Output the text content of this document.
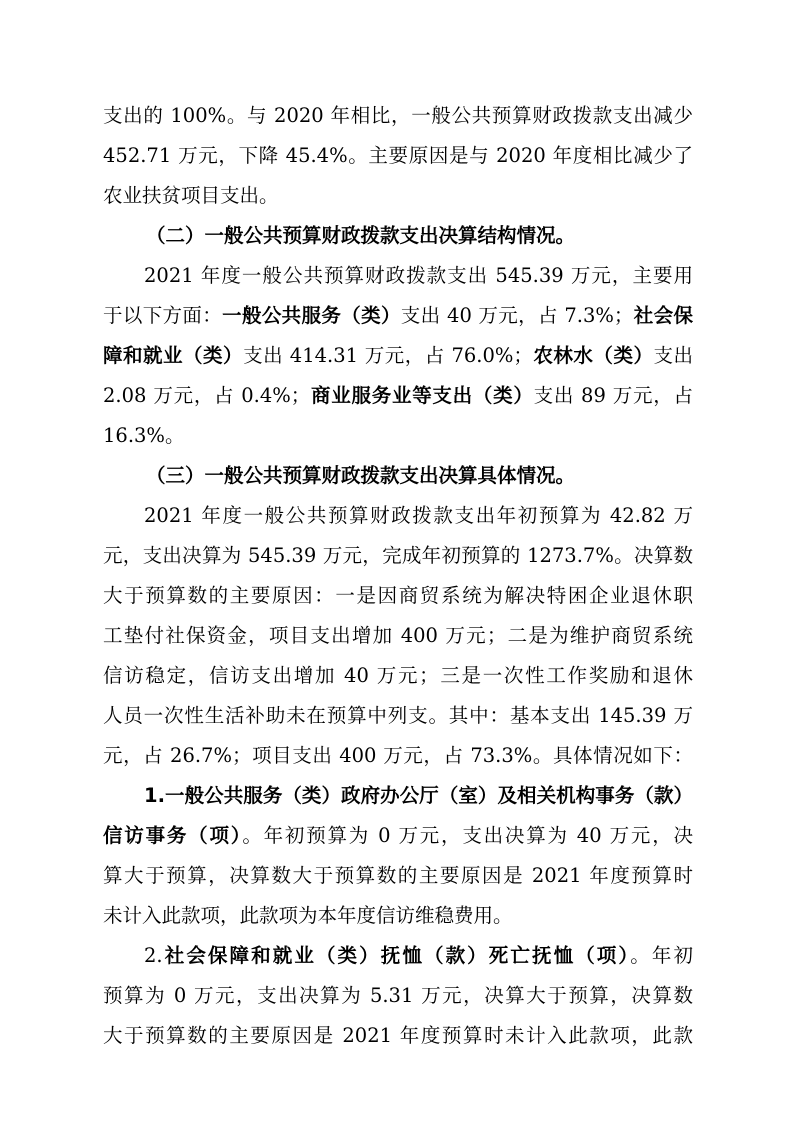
支出的 100%。与 2020 年相比，一般公共预算财政拨款支出减少
452.71 万元，下降 45.4%。主要原因是与 2020 年度相比减少了
农业扶贫项目支出。
（二）一般公共预算财政拨款支出决算结构情况。
2021 年度一般公共预算财政拨款支出 545.39 万元，主要用
于以下方面：一般公共服务（类）支出 40 万元，占 7.3%；社会保
障和就业（类）支出 414.31 万元，占 76.0%；农林水（类）支出
2.08 万元，占 0.4%；商业服务业等支出（类）支出 89 万元，占
16.3%。
（三）一般公共预算财政拨款支出决算具体情况。
2021 年度一般公共预算财政拨款支出年初预算为 42.82 万
元，支出决算为 545.39 万元，完成年初预算的 1273.7%。决算数
大于预算数的主要原因：一是因商贸系统为解决特困企业退休职
工垫付社保资金，项目支出增加 400 万元；二是为维护商贸系统
信访稳定，信访支出增加 40 万元；三是一次性工作奖励和退休
人员一次性生活补助未在预算中列支。其中：基本支出 145.39 万
元，占 26.7%；项目支出 400 万元，占 73.3%。具体情况如下：
1.一般公共服务（类）政府办公厅（室）及相关机构事务（款）
信访事务（项）。年初预算为 0 万元，支出决算为 40 万元，决
算大于预算，决算数大于预算数的主要原因是 2021 年度预算时
未计入此款项，此款项为本年度信访维稳费用。
2.社会保障和就业（类）抚恤（款）死亡抚恤（项）。年初
预算为 0 万元，支出决算为 5.31 万元，决算大于预算，决算数
大于预算数的主要原因是 2021 年度预算时未计入此款项，此款
